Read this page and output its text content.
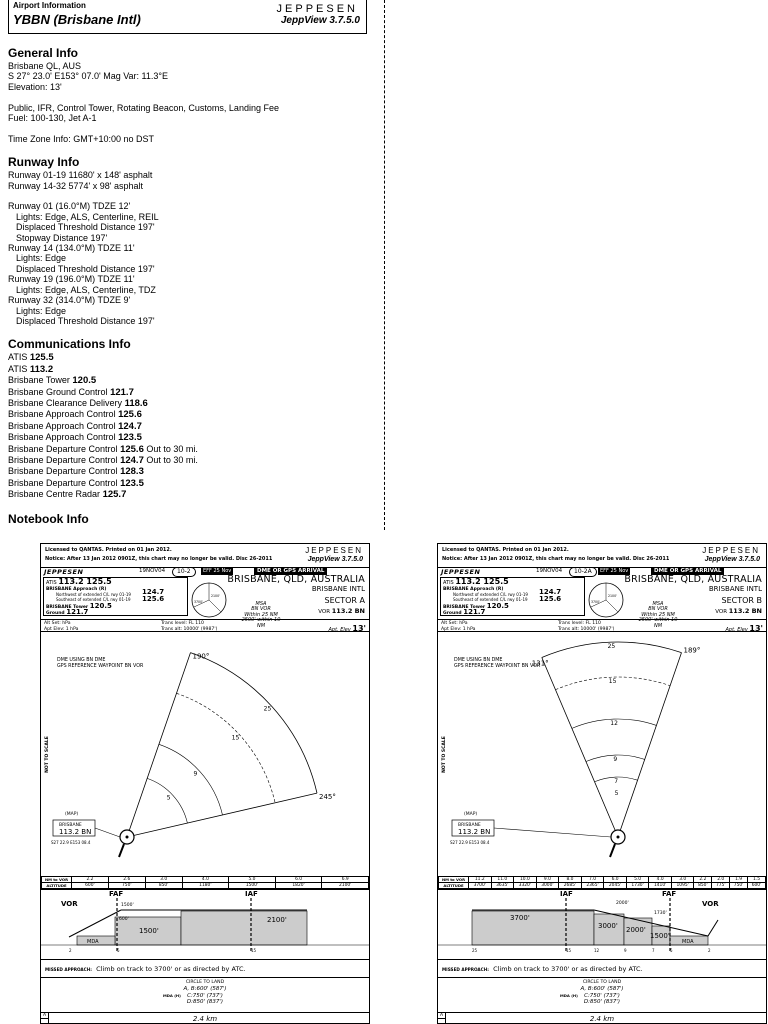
Airport Information
YBBN (Brisbane Intl)
JEPPESEN
JeppView 3.7.5.0
General Info
Brisbane QL, AUS
S 27° 23.0' E153° 07.0' Mag Var: 11.3°E
Elevation: 13'

Public, IFR, Control Tower, Rotating Beacon, Customs, Landing Fee
Fuel: 100-130, Jet A-1

Time Zone Info: GMT+10:00 no DST
Runway Info
Runway 01-19 11680' x 148' asphalt
Runway 14-32 5774' x 98' asphalt
Runway 01 (16.0°M) TDZE 12'
Lights: Edge, ALS, Centerline, REIL
Displaced Threshold Distance 197'
Stopway Distance 197'
Runway 14 (134.0°M) TDZE 11'
Lights: Edge
Displaced Threshold Distance 197'
Runway 19 (196.0°M) TDZE 11'
Lights: Edge, ALS, Centerline, TDZ
Runway 32 (314.0°M) TDZE 9'
Lights: Edge
Displaced Threshold Distance 197'
Communications Info
ATIS 125.5
ATIS 113.2
Brisbane Tower 120.5
Brisbane Ground Control 121.7
Brisbane Clearance Delivery 118.6
Brisbane Approach Control 125.6
Brisbane Approach Control 124.7
Brisbane Approach Control 123.5
Brisbane Departure Control 125.6 Out to 30 mi.
Brisbane Departure Control 124.7 Out to 30 mi.
Brisbane Departure Control 128.3
Brisbane Departure Control 123.5
Brisbane Centre Radar 125.7
Notebook Info
Licensed to QANTAS. Printed on 01 Jan 2012.
Notice: After 13 Jan 2012 0901Z, this chart may no longer be valid. Disc 26-2011
JEPPESEN
JeppView 3.7.5.0
JEPPESEN	19NOV04	10-2	EFF 25 Nov	DME OR GPS ARRIVAL
ATIS 113.2 125.5
BRISBANE Approach (R)
Northwest of extended C/L rwy 01-19
Southeast of extended C/L rwy 01-19
124.7
125.6
BRISBANE Tower 120.5
Ground 121.7
2100'
3700'	MSA
BN VOR
Within 25 NM
2500' within 10 NM
BRISBANE, QLD, AUSTRALIA
BRISBANE INTL
SECTOR A
VOR 113.2 BN
Alt Set: hPa
Apt Elev: 1 hPa
Trans level: FL 110
Trans alt: 10000' (9987')	Apt. Elev 13'
DME USING BN DME
GPS REFERENCE WAYPOINT BN VOR
NOT TO SCALE
25
15
9
5
190°
245°
(MAP)
BRISBANE
113.2 BN
S27 22.9 E153 08.4
NM to VOR	2.2	2.6	3.0	4.0	5.0	6.0	6.9
ALTITUDE	600'	750'	850'	1180'	1500'	1820'	2100'
VOR
FAF	IAF
1500'
2100'
1500'
600'
MDA
2	5	15
MISSED APPROACH: Climb on track to 3700' or as directed by ATC.
CIRCLE TO LAND
A, B:600' (587')
MDA (H) C:750' (737')
D:850' (837')
A	2.4 km
Licensed to QANTAS. Printed on 01 Jan 2012.
Notice: After 13 Jan 2012 0901Z, this chart may no longer be valid. Disc 26-2011
JEPPESEN
JeppView 3.7.5.0
JEPPESEN	19NOV04	10-2A	EFF 25 Nov	DME OR GPS ARRIVAL
ATIS 113.2 125.5
BRISBANE Approach (R)
Northwest of extended C/L rwy 01-19
Southeast of extended C/L rwy 01-19
124.7
125.6
BRISBANE Tower 120.5
Ground 121.7
2100'
3700'	MSA
BN VOR
Within 25 NM
2500' within 10 NM
BRISBANE, QLD, AUSTRALIA
BRISBANE INTL
SECTOR B
VOR 113.2 BN
Alt Set: hPa
Apt Elev: 1 hPa
Trans level: FL 110
Trans alt: 10000' (9987')	Apt. Elev 13'
DME USING BN DME
GPS REFERENCE WAYPOINT BN VOR
NOT TO SCALE
25
15
12
9
7
5
131°
189°
(MAP)
BRISBANE
113.2 BN
S27 22.9 E153 08.4
NM to VOR	11.2	11.0	10.0	9.0	8.0	7.0	6.0	5.0	4.0	3.0	2.2	2.0	1.9	1.5
ALTITUDE	3700'	3635'	3320'	3000'	2685'	2365'	2045'	1730'	1410'	1095'	850'	775'	750'	600'
IAF	FAF
VOR
3700'
3000' 2000'
1500'
2000'
1730'
MDA
25	15	12	9	7	5	2
MISSED APPROACH: Climb on track to 3700' or as directed by ATC.
CIRCLE TO LAND
A, B:600' (587')
MDA (H) C:750' (737')
D:850' (837')
A	2.4 km
